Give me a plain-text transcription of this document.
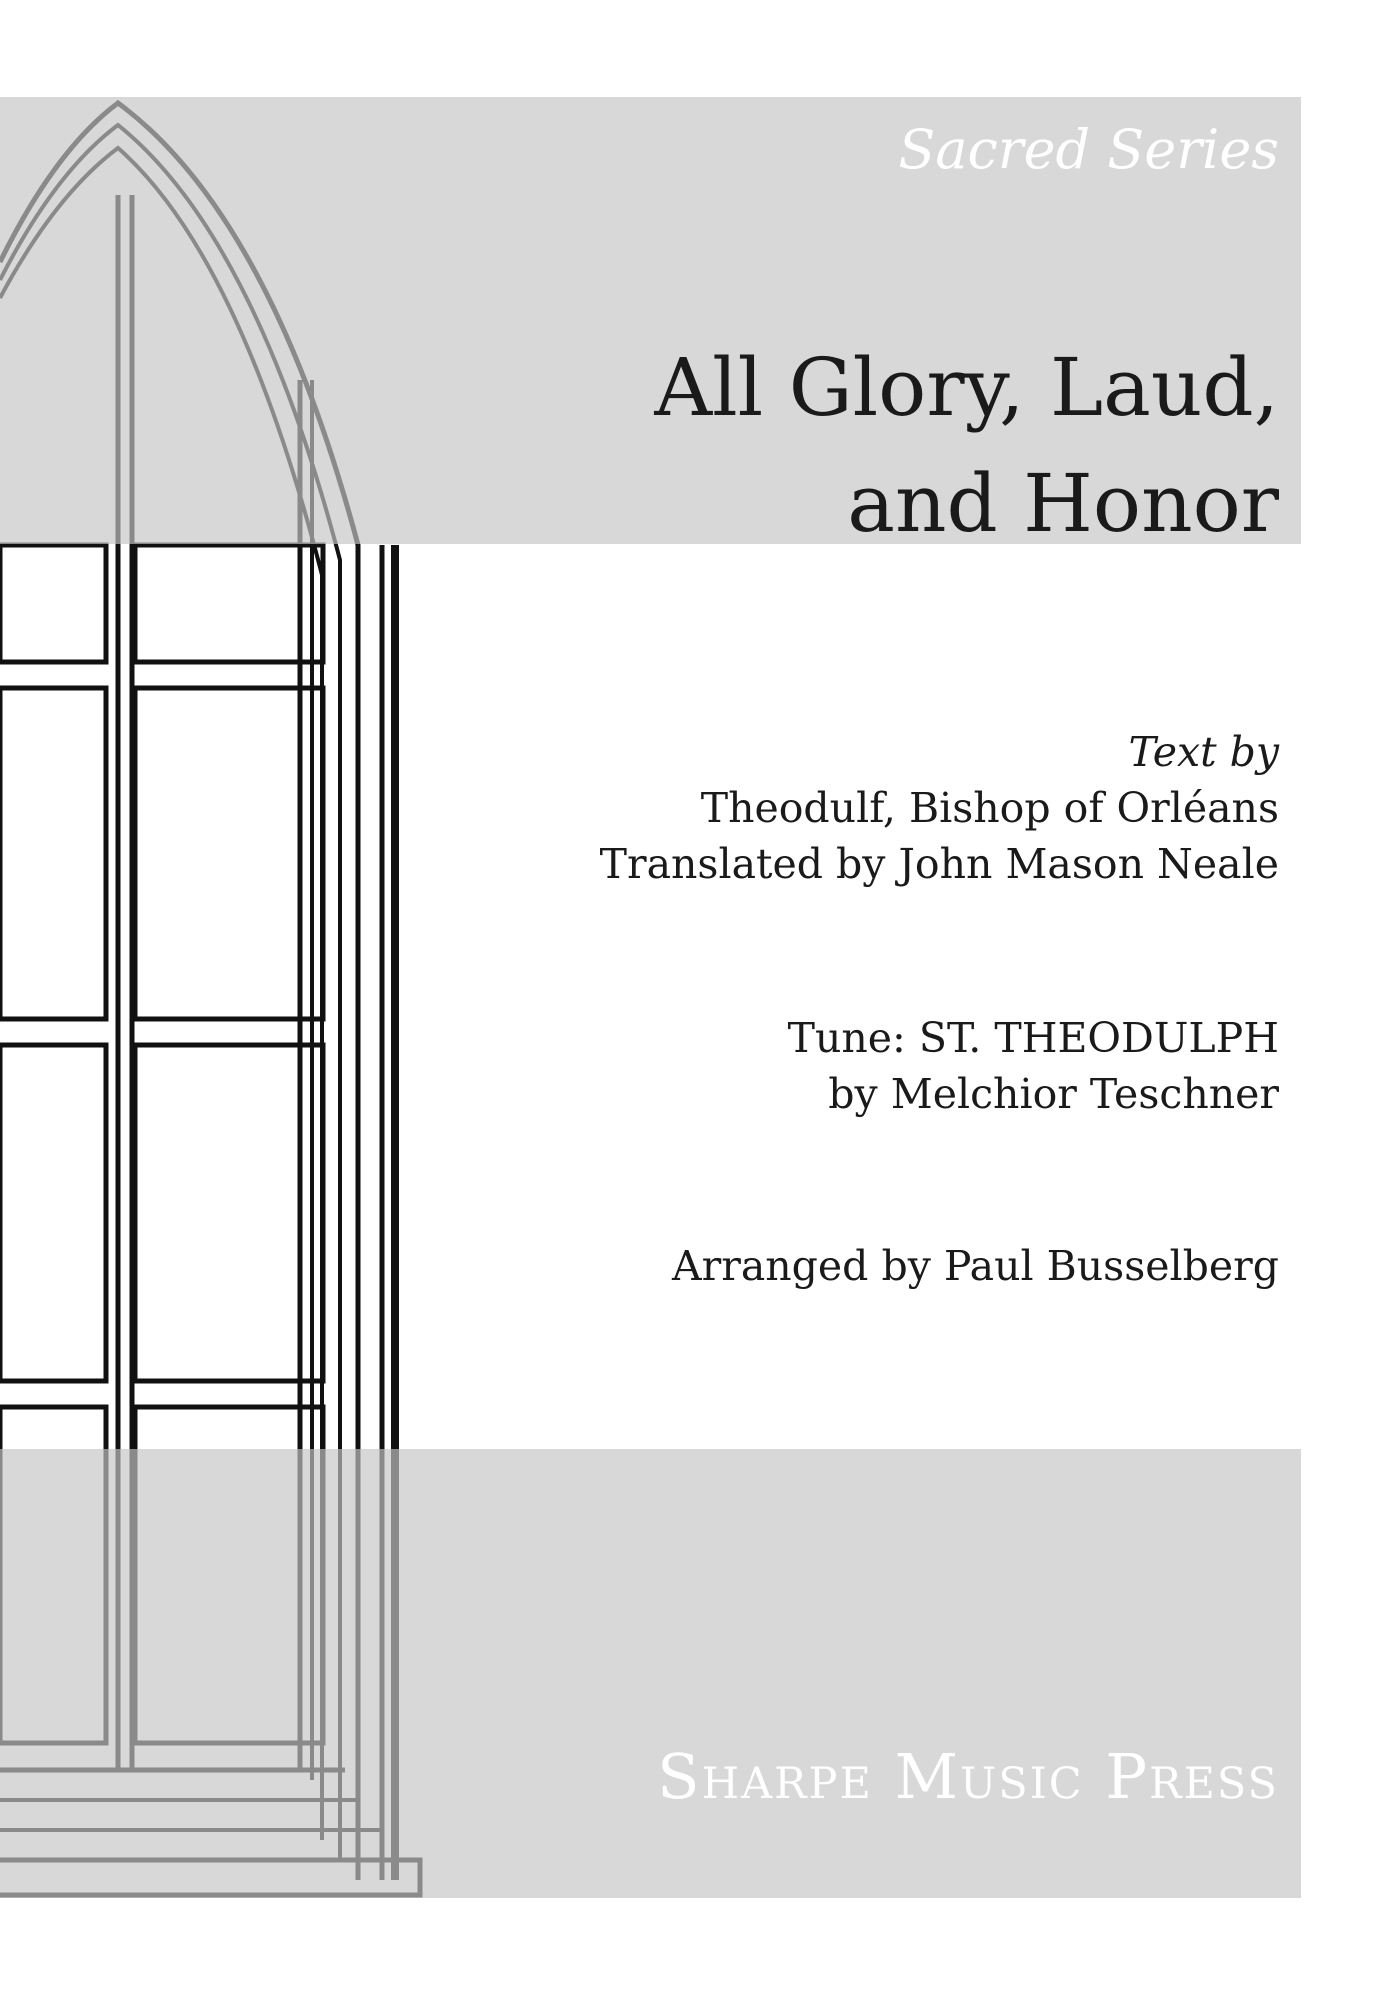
Sacred Series

All Glory, Laud,
and Honor

Text by

Theodulf, Bishop of Orléans

Translated by John Mason Neale

Tune: ST. THEODULPH

by Melchior Teschner

Arranged by Paul Busselberg

Sharpe Music Press
